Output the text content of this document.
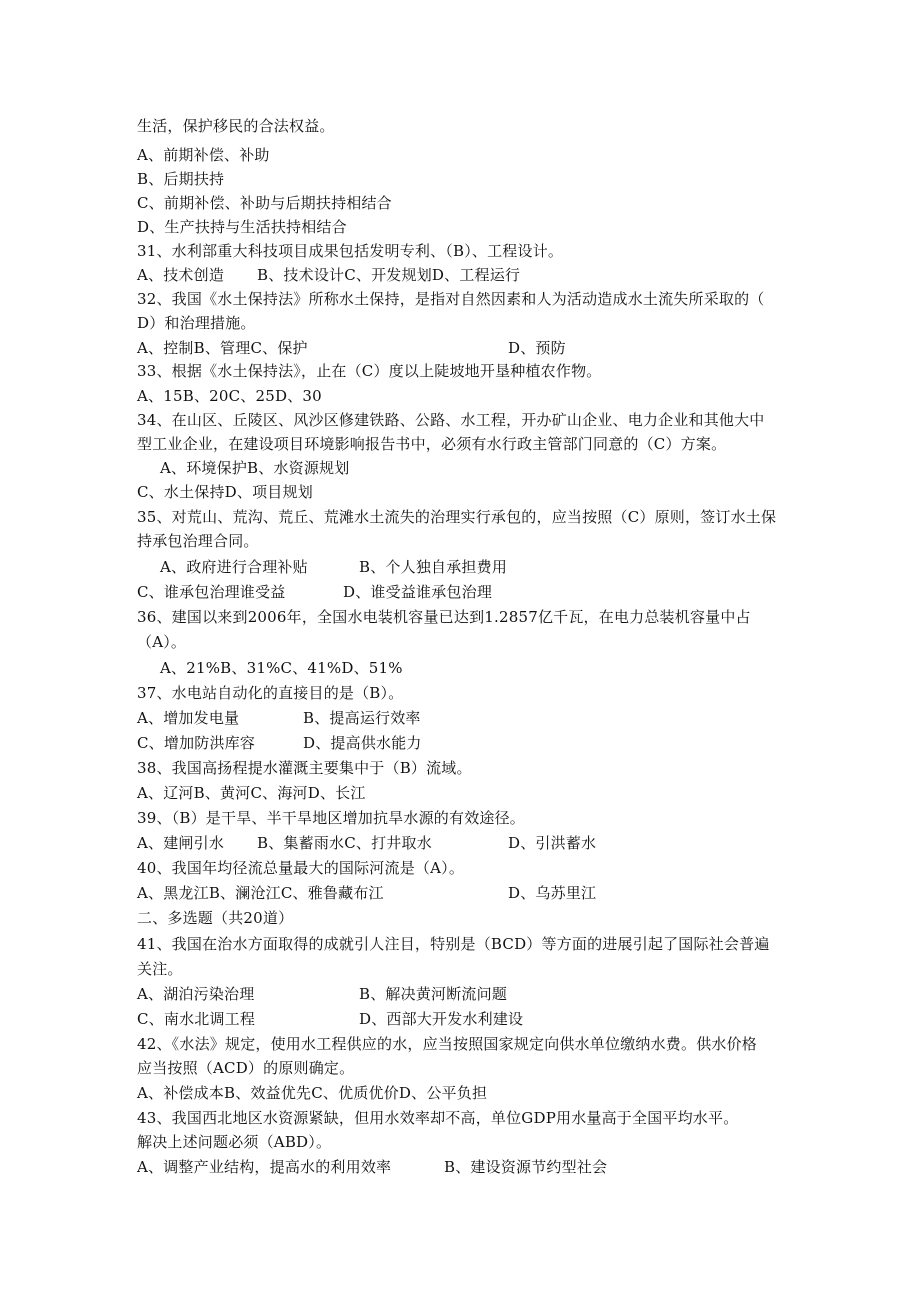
生活，保护移民的合法权益。
A、前期补偿、补助
B、后期扶持
C、前期补偿、补助与后期扶持相结合
D、生产扶持与生活扶持相结合
31、水利部重大科技项目成果包括发明专利、（B）、工程设计。
A、技术创造 B、技术设计C、开发规划D、工程运行
32、我国《水土保持法》所称水土保持，是指对自然因素和人为活动造成水土流失所采取的（
D）和治理措施。
A、控制B、管理C、保护	D、预防
33、根据《水土保持法》，止在（C）度以上陡坡地开垦种植农作物。
A、15B、20C、25D、30
34、在山区、丘陵区、风沙区修建铁路、公路、水工程，开办矿山企业、电力企业和其他大中
型工业企业，在建设项目环境影响报告书中，必须有水行政主管部门同意的（C）方案。
A、环境保护B、水资源规划
C、水土保持D、项目规划
35、对荒山、荒沟、荒丘、荒滩水土流失的治理实行承包的，应当按照（C）原则，签订水土保
持承包治理合同。
A、政府进行合理补贴	B、个人独自承担费用
C、谁承包治理谁受益	D、谁受益谁承包治理
36、建国以来到2006年，全国水电装机容量已达到1.2857亿千瓦，在电力总装机容量中占
（A）。
A、21%B、31%C、41%D、51%
37、水电站自动化的直接目的是（B）。
A、增加发电量	B、提高运行效率
C、增加防洪库容	D、提高供水能力
38、我国高扬程提水灌溉主要集中于（B）流域。
A、辽河B、黄河C、海河D、长江
39、（B）是干旱、半干旱地区增加抗旱水源的有效途径。
A、建闸引水 B、集蓄雨水C、打井取水	D、引洪蓄水
40、我国年均径流总量最大的国际河流是（A）。
A、黑龙江B、澜沧江C、雅鲁藏布江	D、乌苏里江
二、多选题（共20道）
41、我国在治水方面取得的成就引人注目，特别是（BCD）等方面的进展引起了国际社会普遍
关注。
A、湖泊污染治理	B、解决黄河断流问题
C、南水北调工程	D、西部大开发水利建设
42、《水法》规定，使用水工程供应的水，应当按照国家规定向供水单位缴纳水费。供水价格
应当按照（ACD）的原则确定。
A、补偿成本B、效益优先C、优质优价D、公平负担
43、我国西北地区水资源紧缺，但用水效率却不高，单位GDP用水量高于全国平均水平。
解决上述问题必须（ABD）。
A、调整产业结构，提高水的利用效率	B、建设资源节约型社会
